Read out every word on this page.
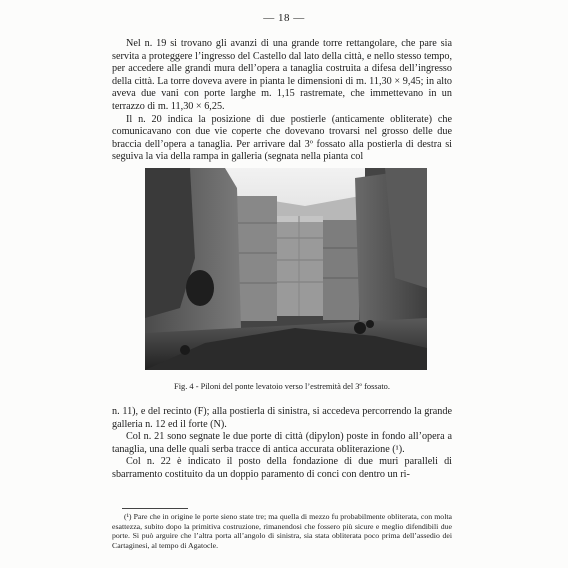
— 18 —

Nel n. 19 si trovano gli avanzi di una grande torre rettangolare, che pare sia servita a proteggere l’ingresso del Castello dal lato della città, e nello stesso tempo, per accedere alle grandi mura dell’opera a tanaglia costruita a difesa dell’ingresso della città. La torre doveva avere in pianta le dimensioni di m. 11,30 × 9,45; in alto aveva due vani con porte larghe m. 1,15 rastremate, che immettevano in un terrazzo di m. 11,30 × 6,25.

Il n. 20 indica la posizione di due postierle (anticamente obliterate) che comunicavano con due vie coperte che dovevano trovarsi nel grosso delle due braccia dell’opera a tanaglia. Per arrivare dal 3º fossato alla postierla di destra si seguiva la via della rampa in galleria (segnata nella pianta col

Fig. 4 - Piloni del ponte levatoio verso l’estremità del 3º fossato.

n. 11), e del recinto (F); alla postierla di sinistra, si accedeva percorrendo la grande galleria n. 12 ed il forte (N).

Col n. 21 sono segnate le due porte di città (dipylon) poste in fondo all’opera a tanaglia, una delle quali serba tracce di antica accurata obliterazione (¹).

Col n. 22 è indicato il posto della fondazione di due muri paralleli di sbarramento costituito da un doppio paramento di conci con dentro un ri-

(¹) Pare che in origine le porte sieno state tre; ma quella di mezzo fu probabilmente obliterata, con molta esattezza, subito dopo la primitiva costruzione, rimanendosi che fossero più sicure e meglio difendibili due porte. Si può arguire che l’altra porta all’angolo di sinistra, sia stata obliterata poco prima dell’assedio dei Cartaginesi, al tempo di Agatocle.
